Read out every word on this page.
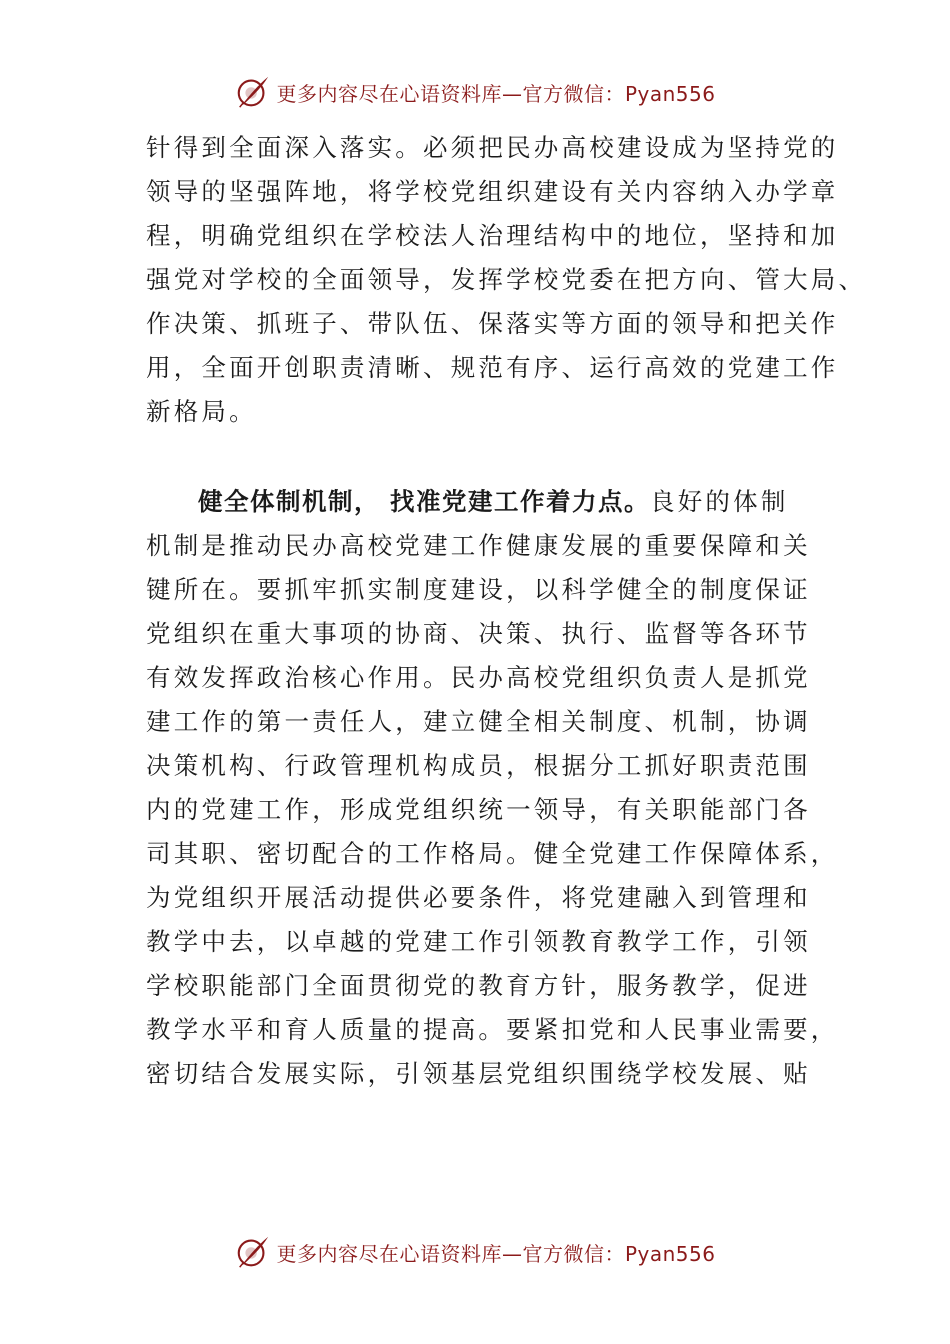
更多内容尽在心语资料库—官方微信：Pyan556
针得到全面深入落实。必须把民办高校建设成为坚持党的
领导的坚强阵地，将学校党组织建设有关内容纳入办学章
程，明确党组织在学校法人治理结构中的地位，坚持和加
强党对学校的全面领导，发挥学校党委在把方向、管大局、
作决策、抓班子、带队伍、保落实等方面的领导和把关作
用，全面开创职责清晰、规范有序、运行高效的党建工作
新格局。
健全体制机制， 找准党建工作着力点。良好的体制
机制是推动民办高校党建工作健康发展的重要保障和关
键所在。要抓牢抓实制度建设，以科学健全的制度保证
党组织在重大事项的协商、决策、执行、监督等各环节
有效发挥政治核心作用。民办高校党组织负责人是抓党
建工作的第一责任人，建立健全相关制度、机制，协调
决策机构、行政管理机构成员，根据分工抓好职责范围
内的党建工作，形成党组织统一领导，有关职能部门各
司其职、密切配合的工作格局。健全党建工作保障体系，
为党组织开展活动提供必要条件，将党建融入到管理和
教学中去，以卓越的党建工作引领教育教学工作，引领
学校职能部门全面贯彻党的教育方针，服务教学，促进
教学水平和育人质量的提高。要紧扣党和人民事业需要，
密切结合发展实际，引领基层党组织围绕学校发展、贴
更多内容尽在心语资料库—官方微信：Pyan556
